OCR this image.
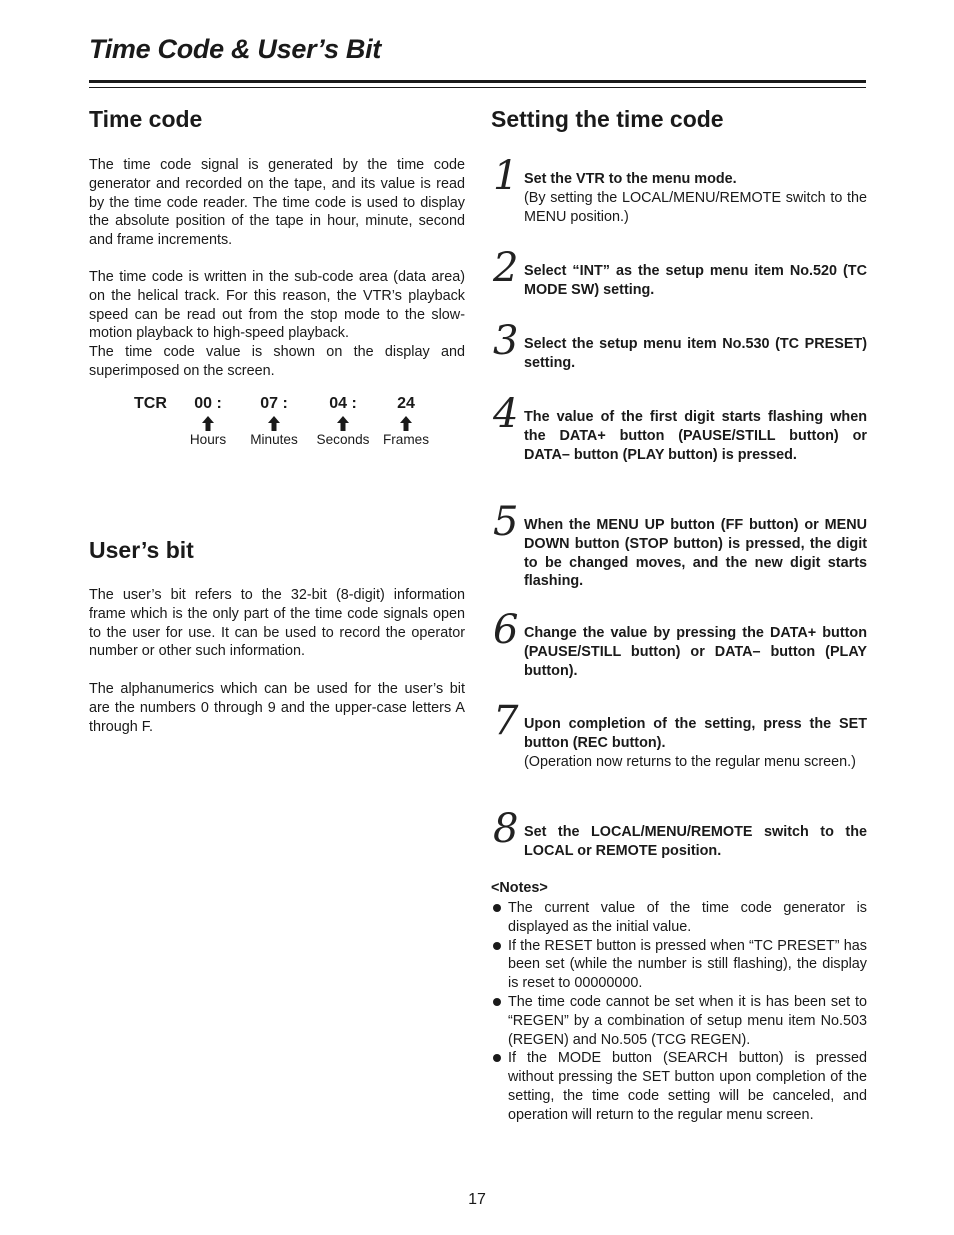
Time Code & User’s Bit
Time code

The time code signal is generated by the time code generator and recorded on the tape, and its value is read by the time code reader. The time code is used to display the absolute position of the tape in hour, minute, second and frame increments.

The time code is written in the sub-code area (data area) on the helical track. For this reason, the VTR’s playback speed can be read out from the stop mode to the slow-motion playback to high-speed playback.

The time code value is shown on the display and superimposed on the screen.

TCR	00 :
Hours
07 :
Minutes
04 :
Seconds
24
Frames
User’s bit

The user’s bit refers to the 32-bit (8-digit) information frame which is the only part of the time code signals open to the user for use. It can be used to record the operator number or other such information.

The alphanumerics which can be used for the user’s bit are the numbers 0 through 9 and the upper-case letters A through F.

Setting the time code
1 Set the VTR to the menu mode.
(By setting the LOCAL/MENU/REMOTE switch to the MENU position.)
2 Select “INT” as the setup menu item No.520 (TC MODE SW) setting.
3 Select the setup menu item No.530 (TC PRESET) setting.
4 The value of the first digit starts flashing when the DATA+ button (PAUSE/STILL button) or DATA– button (PLAY button) is pressed.
5 When the MENU UP button (FF button) or MENU DOWN button (STOP button) is pressed, the digit to be changed moves, and the new digit starts flashing.
6 Change the value by pressing the DATA+ button (PAUSE/STILL button) or DATA– button (PLAY button).
7 Upon completion of the setting, press the SET button (REC button).
(Operation now returns to the regular menu screen.)
8 Set the LOCAL/MENU/REMOTE switch to the LOCAL or REMOTE position.
<Notes>
The current value of the time code generator is displayed as the initial value.
If the RESET button is pressed when “TC PRESET” has been set (while the number is still flashing), the display is reset to 00000000.
The time code cannot be set when it is has been set to “REGEN” by a combination of setup menu item No.503 (REGEN) and No.505 (TCG REGEN).
If the MODE button (SEARCH button) is pressed without pressing the SET button upon completion of the setting, the time code setting will be canceled, and operation will return to the regular menu screen.
17
